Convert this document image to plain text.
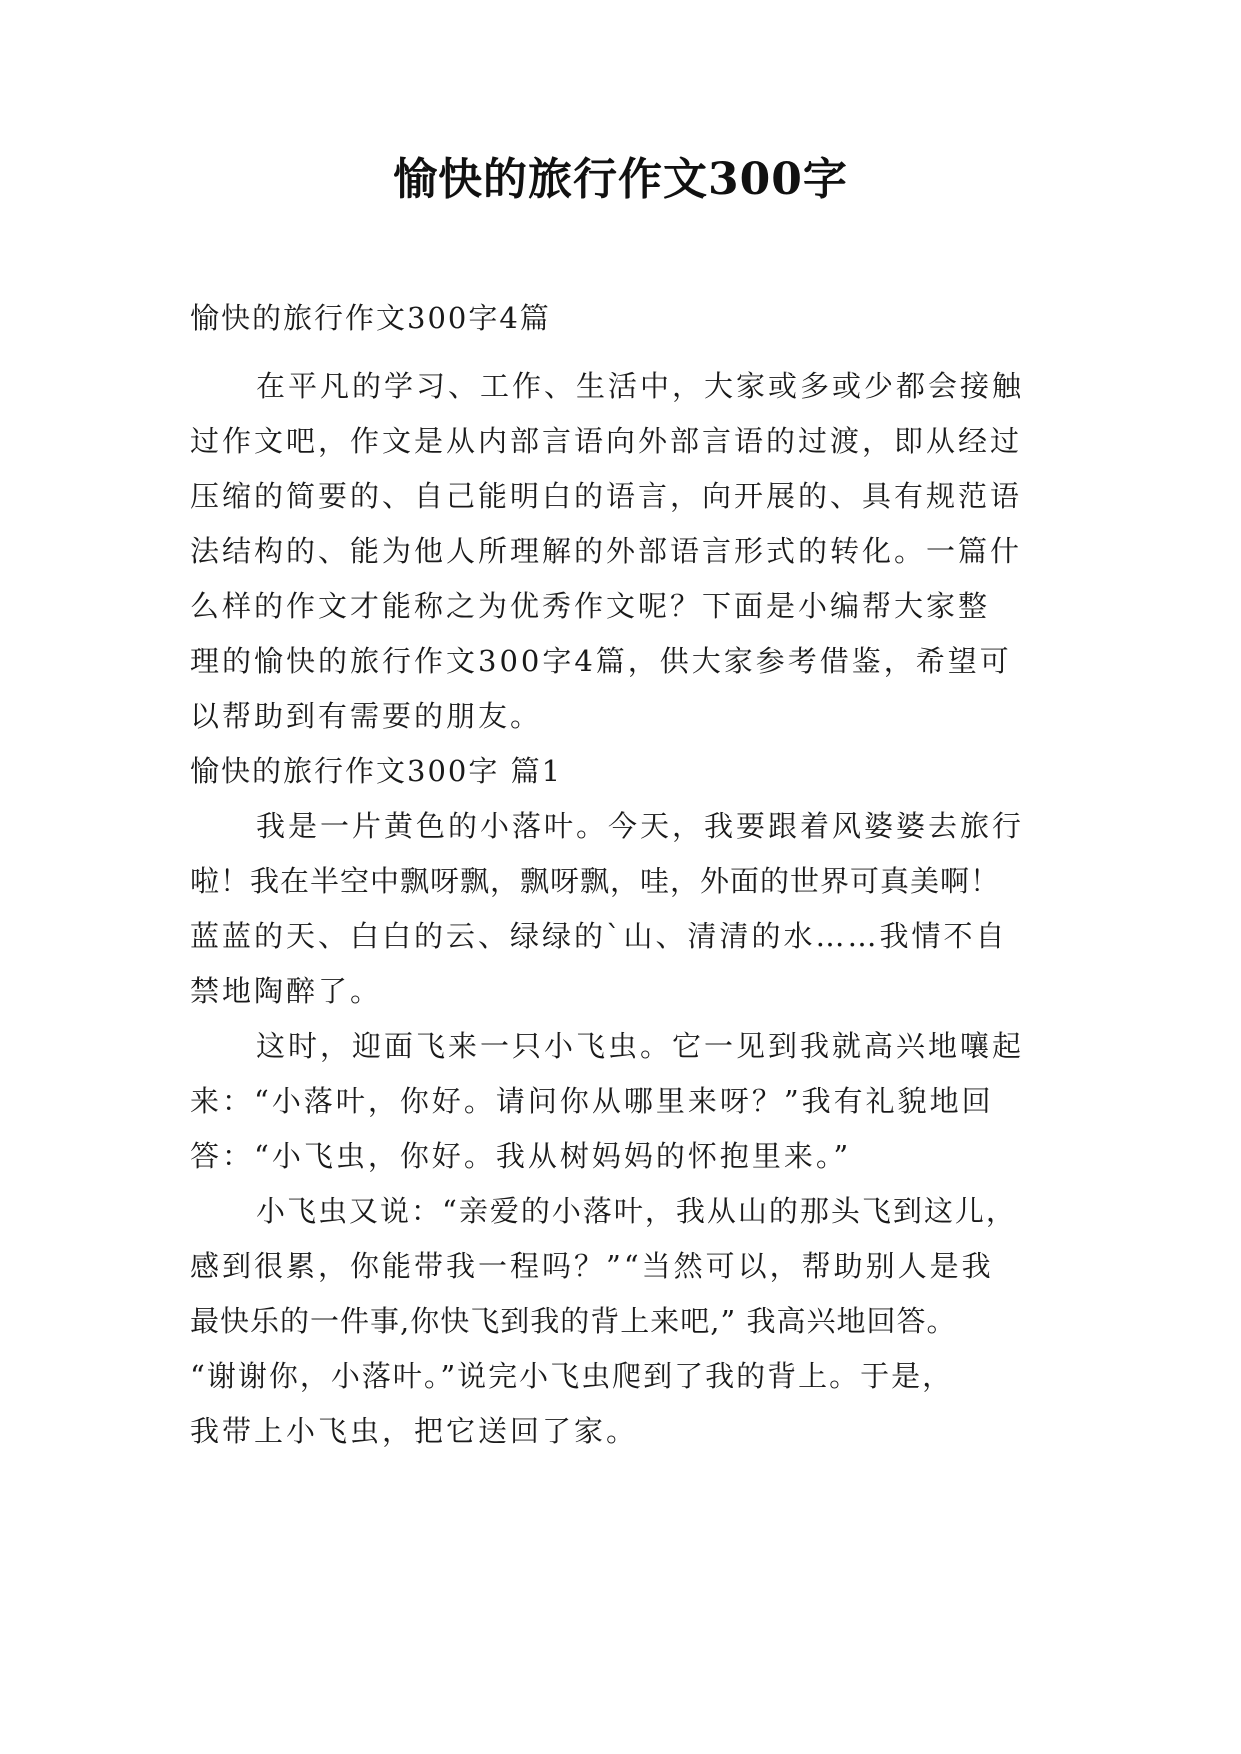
愉快的旅行作文300字
愉快的旅行作文300字4篇
在平凡的学习、工作、生活中，大家或多或少都会接触
过作文吧，作文是从内部言语向外部言语的过渡，即从经过
压缩的简要的、自己能明白的语言，向开展的、具有规范语
法结构的、能为他人所理解的外部语言形式的转化。一篇什
么样的作文才能称之为优秀作文呢？下面是小编帮大家整
理的愉快的旅行作文300字4篇，供大家参考借鉴，希望可
以帮助到有需要的朋友。
愉快的旅行作文300字 篇1
我是一片黄色的小落叶。今天，我要跟着风婆婆去旅行
啦！我在半空中飘呀飘，飘呀飘，哇，外面的世界可真美啊！
蓝蓝的天、白白的云、绿绿的`山、清清的水……我情不自
禁地陶醉了。
这时，迎面飞来一只小飞虫。它一见到我就高兴地嚷起
来：“小落叶，你好。请问你从哪里来呀？”我有礼貌地回
答：“小飞虫，你好。我从树妈妈的怀抱里来。”
小飞虫又说：“亲爱的小落叶，我从山的那头飞到这儿，
感到很累，你能带我一程吗？”“当然可以，帮助别人是我
最快乐的一件事,你快飞到我的背上来吧,” 我高兴地回答。
“谢谢你，小落叶。”说完小飞虫爬到了我的背上。于是，
我带上小飞虫，把它送回了家。
